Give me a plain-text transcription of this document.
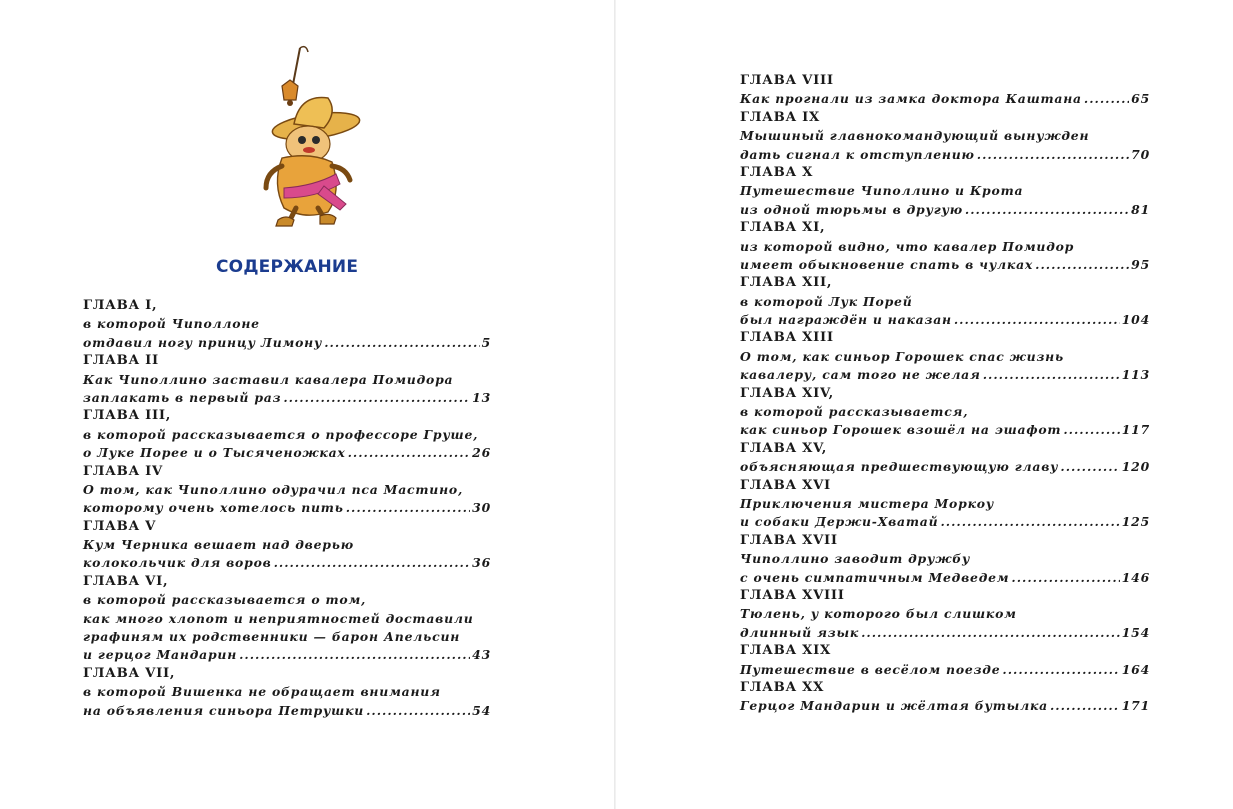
СОДЕРЖАНИЕ
ГЛАВА I,
в которой Чиполлоне
отдавил ногу принцу Лимону .....	5
ГЛАВА II
Как Чиполлино заставил кавалера Помидора
заплакать в первый раз .....	13
ГЛАВА III,
в которой рассказывается о профессоре Груше,
о Луке Порее и о Тысяченожках .....	26
ГЛАВА IV
О том, как Чиполлино одурачил пса Мастино,
которому очень хотелось пить .....	30
ГЛАВА V
Кум Черника вешает над дверью
колокольчик для воров .....	36
ГЛАВА VI,
в которой рассказывается о том,
как много хлопот и неприятностей доставили
графиням их родственники — барон Апельсин
и герцог Мандарин .....	43
ГЛАВА VII,
в которой Вишенка не обращает внимания
на объявления синьора Петрушки .....	54
ГЛАВА VIII
Как прогнали из замка доктора Каштана .....	65
ГЛАВА IX
Мышиный главнокомандующий вынужден
дать сигнал к отступлению .....	70
ГЛАВА X
Путешествие Чиполлино и Крота
из одной тюрьмы в другую .....	81
ГЛАВА XI,
из которой видно, что кавалер Помидор
имеет обыкновение спать в чулках .....	95
ГЛАВА XII,
в которой Лук Порей
был награждён и наказан .....	104
ГЛАВА XIII
О том, как синьор Горошек спас жизнь
кавалеру, сам того не желая .....	113
ГЛАВА XIV,
в которой рассказывается,
как синьор Горошек взошёл на эшафот .....	117
ГЛАВА XV,
объясняющая предшествующую главу .....	120
ГЛАВА XVI
Приключения мистера Моркоу
и собаки Держи-Хватай .....	125
ГЛАВА XVII
Чиполлино заводит дружбу
с очень симпатичным Медведем .....	146
ГЛАВА XVIII
Тюлень, у которого был слишком
длинный язык .....	154
ГЛАВА XIX
Путешествие в весёлом поезде .....	164
ГЛАВА XX
Герцог Мандарин и жёлтая бутылка .....	171
